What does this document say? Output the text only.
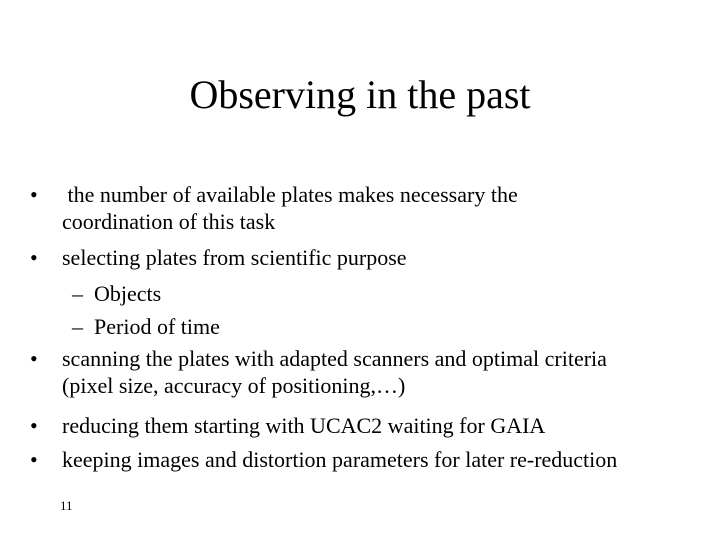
Observing in the past
• the number of available plates makes necessary the
coordination of this task
• selecting plates from scientific purpose
– Objects
– Period of time
• scanning the plates with adapted scanners and optimal criteria
(pixel size, accuracy of positioning,…)
• reducing them starting with UCAC2 waiting for GAIA
• keeping images and distortion parameters for later re-reduction
11
